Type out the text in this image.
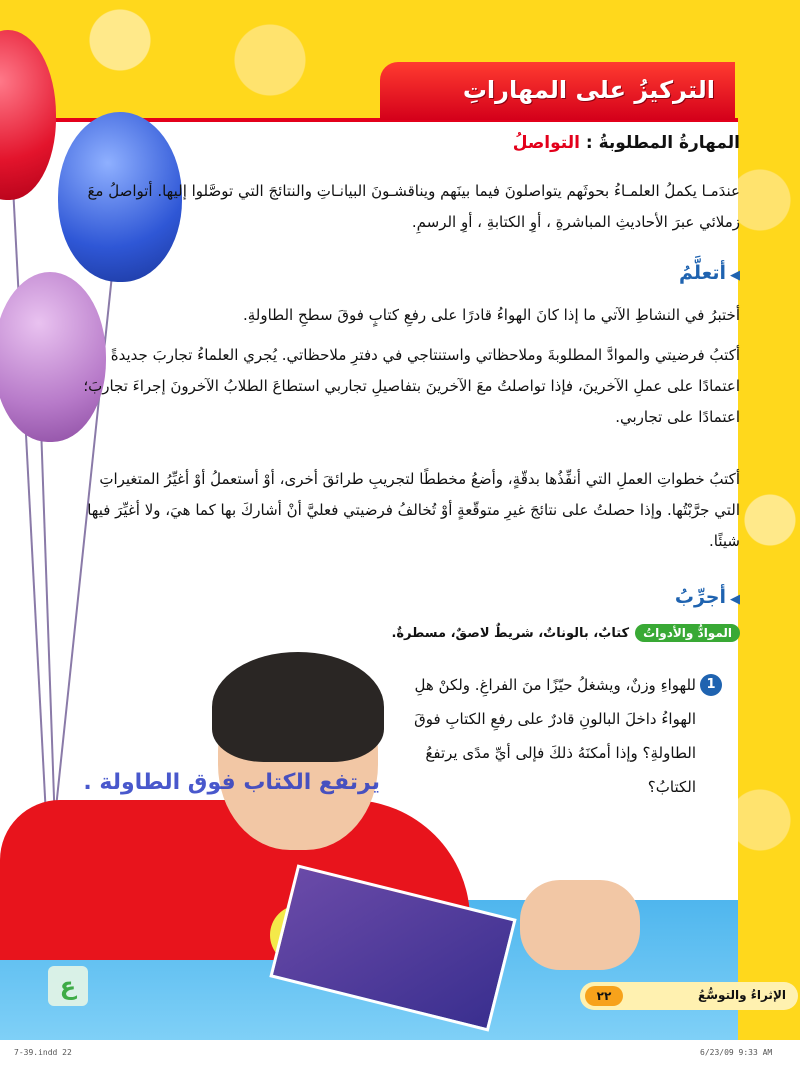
التركيزُ على المهاراتِ
المهارةُ المطلوبةُ : التواصلُ
عندَمـا يكملُ العلمـاءُ بحوثَهم يتواصلونَ فيما بينَهم ويناقشـونَ البيانـاتِ والنتائجَ التي توصَّلوا إليها. أتواصلُ معَ زملائي عبرَ الأحاديثِ المباشرةِ ، أوِ الكتابةِ ، أوِ الرسمِ.
◀أتعلَّمُ
أختبرُ في النشاطِ الآتي ما إذا كانَ الهواءُ قادرًا على رفعِ كتابٍ فوقَ سطحِ الطاولةِ.
أكتبُ فرضيتي والموادَّ المطلوبةَ وملاحظاتي واستنتاجي في دفترِ ملاحظاتي. يُجري العلماءُ تجاربَ جديدةً اعتمادًا على عملِ الآخرينَ، فإذا تواصلتُ معَ الآخرينَ بتفاصيلِ تجاربي استطاعَ الطلابُ الآخرونَ إجراءَ تجاربَ؛ اعتمادًا على تجاربي.
أكتبُ خطواتِ العملِ التي أنفِّذُها بدقّةٍ، وأضعُ مخططًا لتجريبِ طرائقَ أخرى، أوْ أستعملُ أوْ أغيِّرُ المتغيراتِ التي جرَّبْتُها. وإذا حصلتُ على نتائجَ غيرِ متوقّعةٍ أوْ تُخالفُ فرضيتي فعليَّ أنْ أشاركَ بها كما هيَ، ولا أغيِّرَ فيها شيئًا.
◀أجرِّبُ
الموادُّ والأدواتُكتابٌ، بالوناتٌ، شريطٌ لاصقٌ، مسطرةٌ.
1
للهواءِ وزنٌ، ويشغلُ حيّزًا منَ الفراغِ. ولكنْ هلِ الهواءُ داخلَ البالونِ قادرٌ على رفعِ الكتابِ فوقَ الطاولةِ؟ وإذا أمكنَهُ ذلكَ فإلى أيِّ مدًى يرتفعُ الكتابُ؟
يرتفع الكتاب فوق الطاولة .
ع	٢٢	الإثراءُ والتوسُّعُ
7-39.indd 22	6/23/09 9:33 AM
